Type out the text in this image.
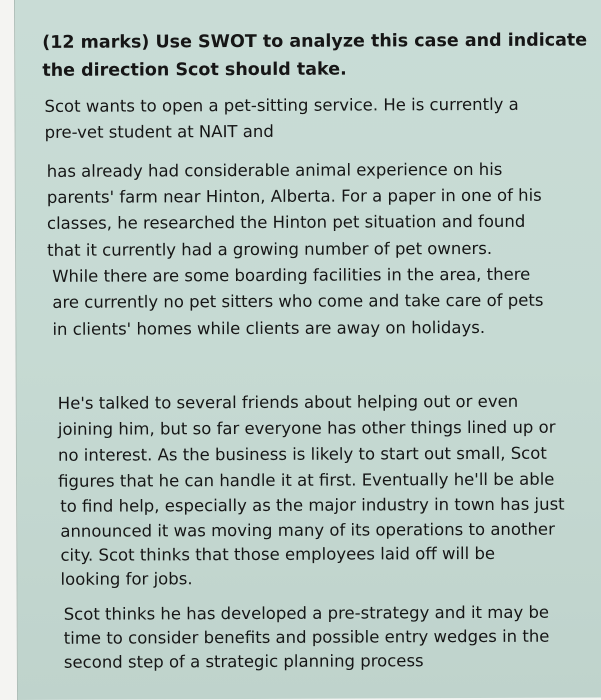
(12 marks) Use SWOT to analyze this case and indicate

the direction Scot should take.

Scot wants to open a pet-sitting service. He is currently a

pre-vet student at NAIT and

has already had considerable animal experience on his

parents' farm near Hinton, Alberta. For a paper in one of his

classes, he researched the Hinton pet situation and found

that it currently had a growing number of pet owners.

While there are some boarding facilities in the area, there

are currently no pet sitters who come and take care of pets

in clients' homes while clients are away on holidays.

He's talked to several friends about helping out or even

joining him, but so far everyone has other things lined up or

no interest. As the business is likely to start out small, Scot

figures that he can handle it at first. Eventually he'll be able

to find help, especially as the major industry in town has just

announced it was moving many of its operations to another

city. Scot thinks that those employees laid off will be

looking for jobs.

Scot thinks he has developed a pre-strategy and it may be

time to consider benefits and possible entry wedges in the

second step of a strategic planning process
